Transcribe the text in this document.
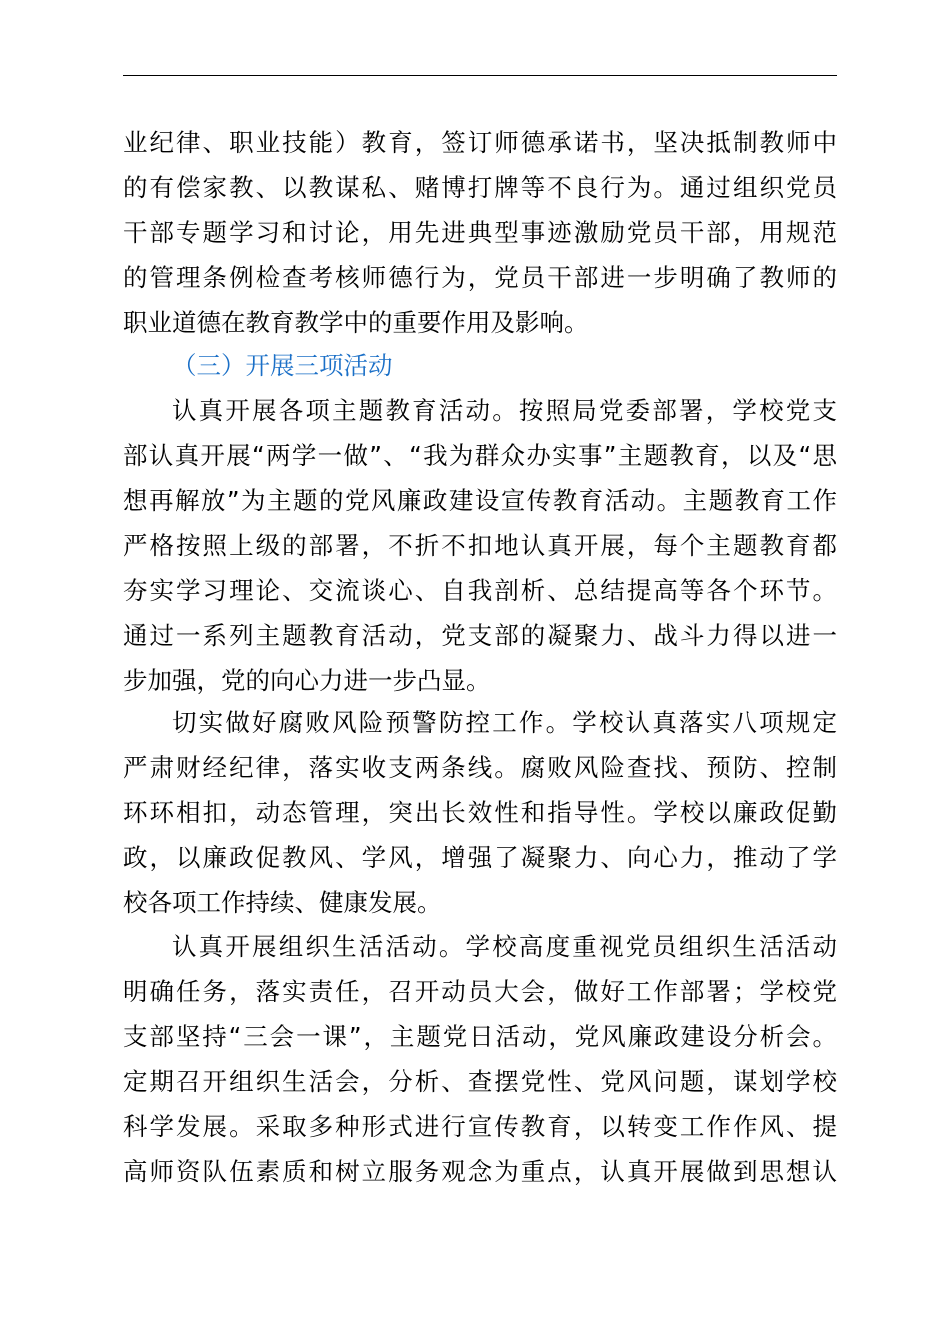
业纪律、职业技能）教育，签订师德承诺书，坚决抵制教师中
的有偿家教、以教谋私、赌博打牌等不良行为。通过组织党员
干部专题学习和讨论，用先进典型事迹激励党员干部，用规范
的管理条例检查考核师德行为，党员干部进一步明确了教师的
职业道德在教育教学中的重要作用及影响。
（三）开展三项活动
认真开展各项主题教育活动。按照局党委部署，学校党支
部认真开展“两学一做”、“我为群众办实事”主题教育，以及“思
想再解放”为主题的党风廉政建设宣传教育活动。主题教育工作
严格按照上级的部署，不折不扣地认真开展，每个主题教育都
夯实学习理论、交流谈心、自我剖析、总结提高等各个环节。
通过一系列主题教育活动，党支部的凝聚力、战斗力得以进一
步加强，党的向心力进一步凸显。
切实做好腐败风险预警防控工作。学校认真落实八项规定
严肃财经纪律，落实收支两条线。腐败风险查找、预防、控制
环环相扣，动态管理，突出长效性和指导性。学校以廉政促勤
政，以廉政促教风、学风，增强了凝聚力、向心力，推动了学
校各项工作持续、健康发展。
认真开展组织生活活动。学校高度重视党员组织生活活动
明确任务，落实责任，召开动员大会，做好工作部署；学校党
支部坚持“三会一课”，主题党日活动，党风廉政建设分析会。
定期召开组织生活会，分析、查摆党性、党风问题，谋划学校
科学发展。采取多种形式进行宣传教育，以转变工作作风、提
高师资队伍素质和树立服务观念为重点，认真开展做到思想认
